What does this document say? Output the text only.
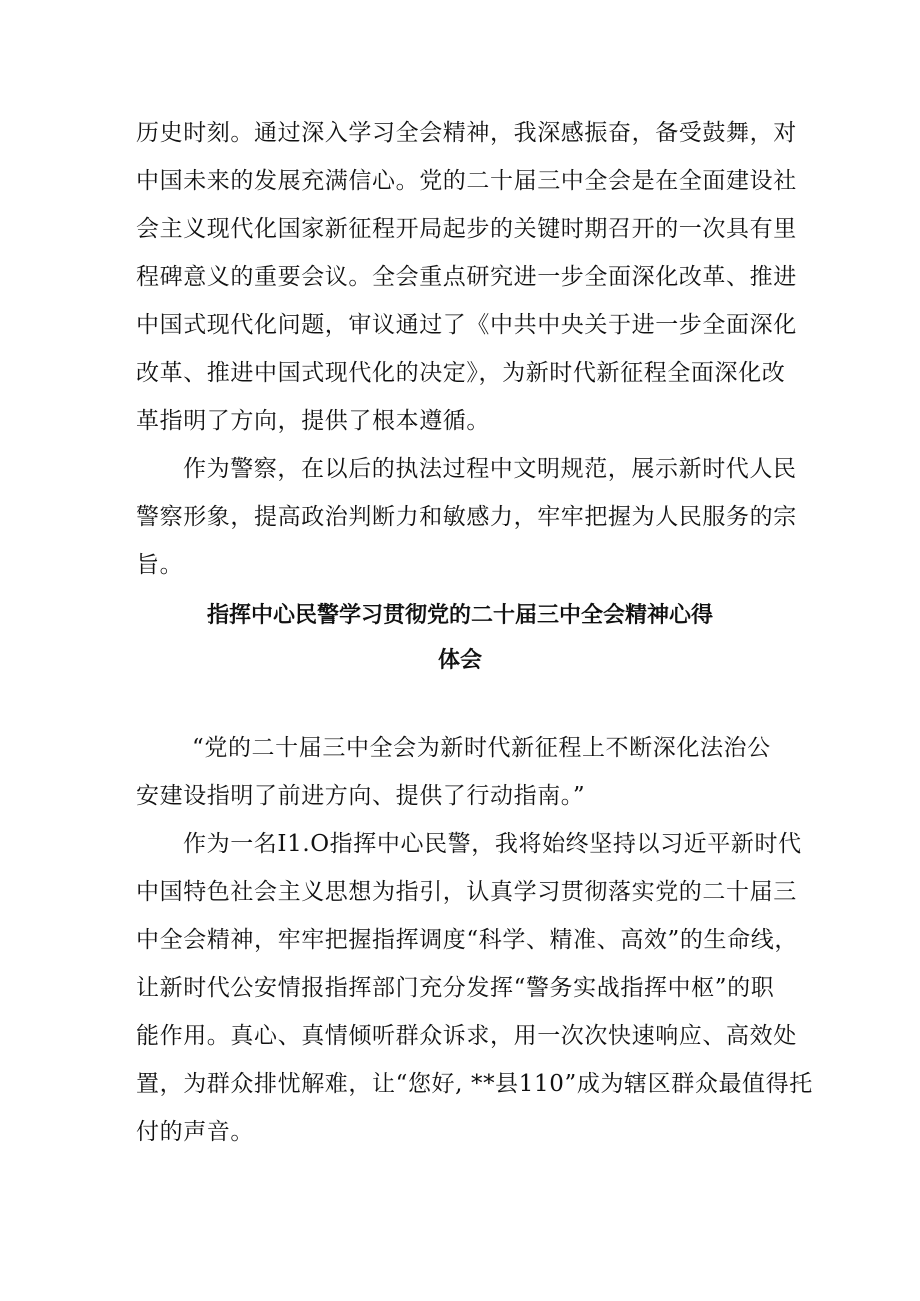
历史时刻。通过深入学习全会精神，我深感振奋，备受鼓舞，对
中国未来的发展充满信心。党的二十届三中全会是在全面建设社
会主义现代化国家新征程开局起步的关键时期召开的一次具有里
程碑意义的重要会议。全会重点研究进一步全面深化改革、推进
中国式现代化问题，审议通过了《中共中央关于进一步全面深化
改革、推进中国式现代化的决定》，为新时代新征程全面深化改
革指明了方向，提供了根本遵循。
作为警察，在以后的执法过程中文明规范，展示新时代人民
警察形象，提高政治判断力和敏感力，牢牢把握为人民服务的宗
旨。
指挥中心民警学习贯彻党的二十届三中全会精神心得
体会
“党的二十届三中全会为新时代新征程上不断深化法治公
安建设指明了前进方向、提供了行动指南。”
作为一名I1.O指挥中心民警，我将始终坚持以习近平新时代
中国特色社会主义思想为指引，认真学习贯彻落实党的二十届三
中全会精神，牢牢把握指挥调度“科学、精准、高效”的生命线，
让新时代公安情报指挥部门充分发挥“警务实战指挥中枢”的职
能作用。真心、真情倾听群众诉求，用一次次快速响应、高效处
置，为群众排忧解难，让“您好, **县110”成为辖区群众最值得托
付的声音。
